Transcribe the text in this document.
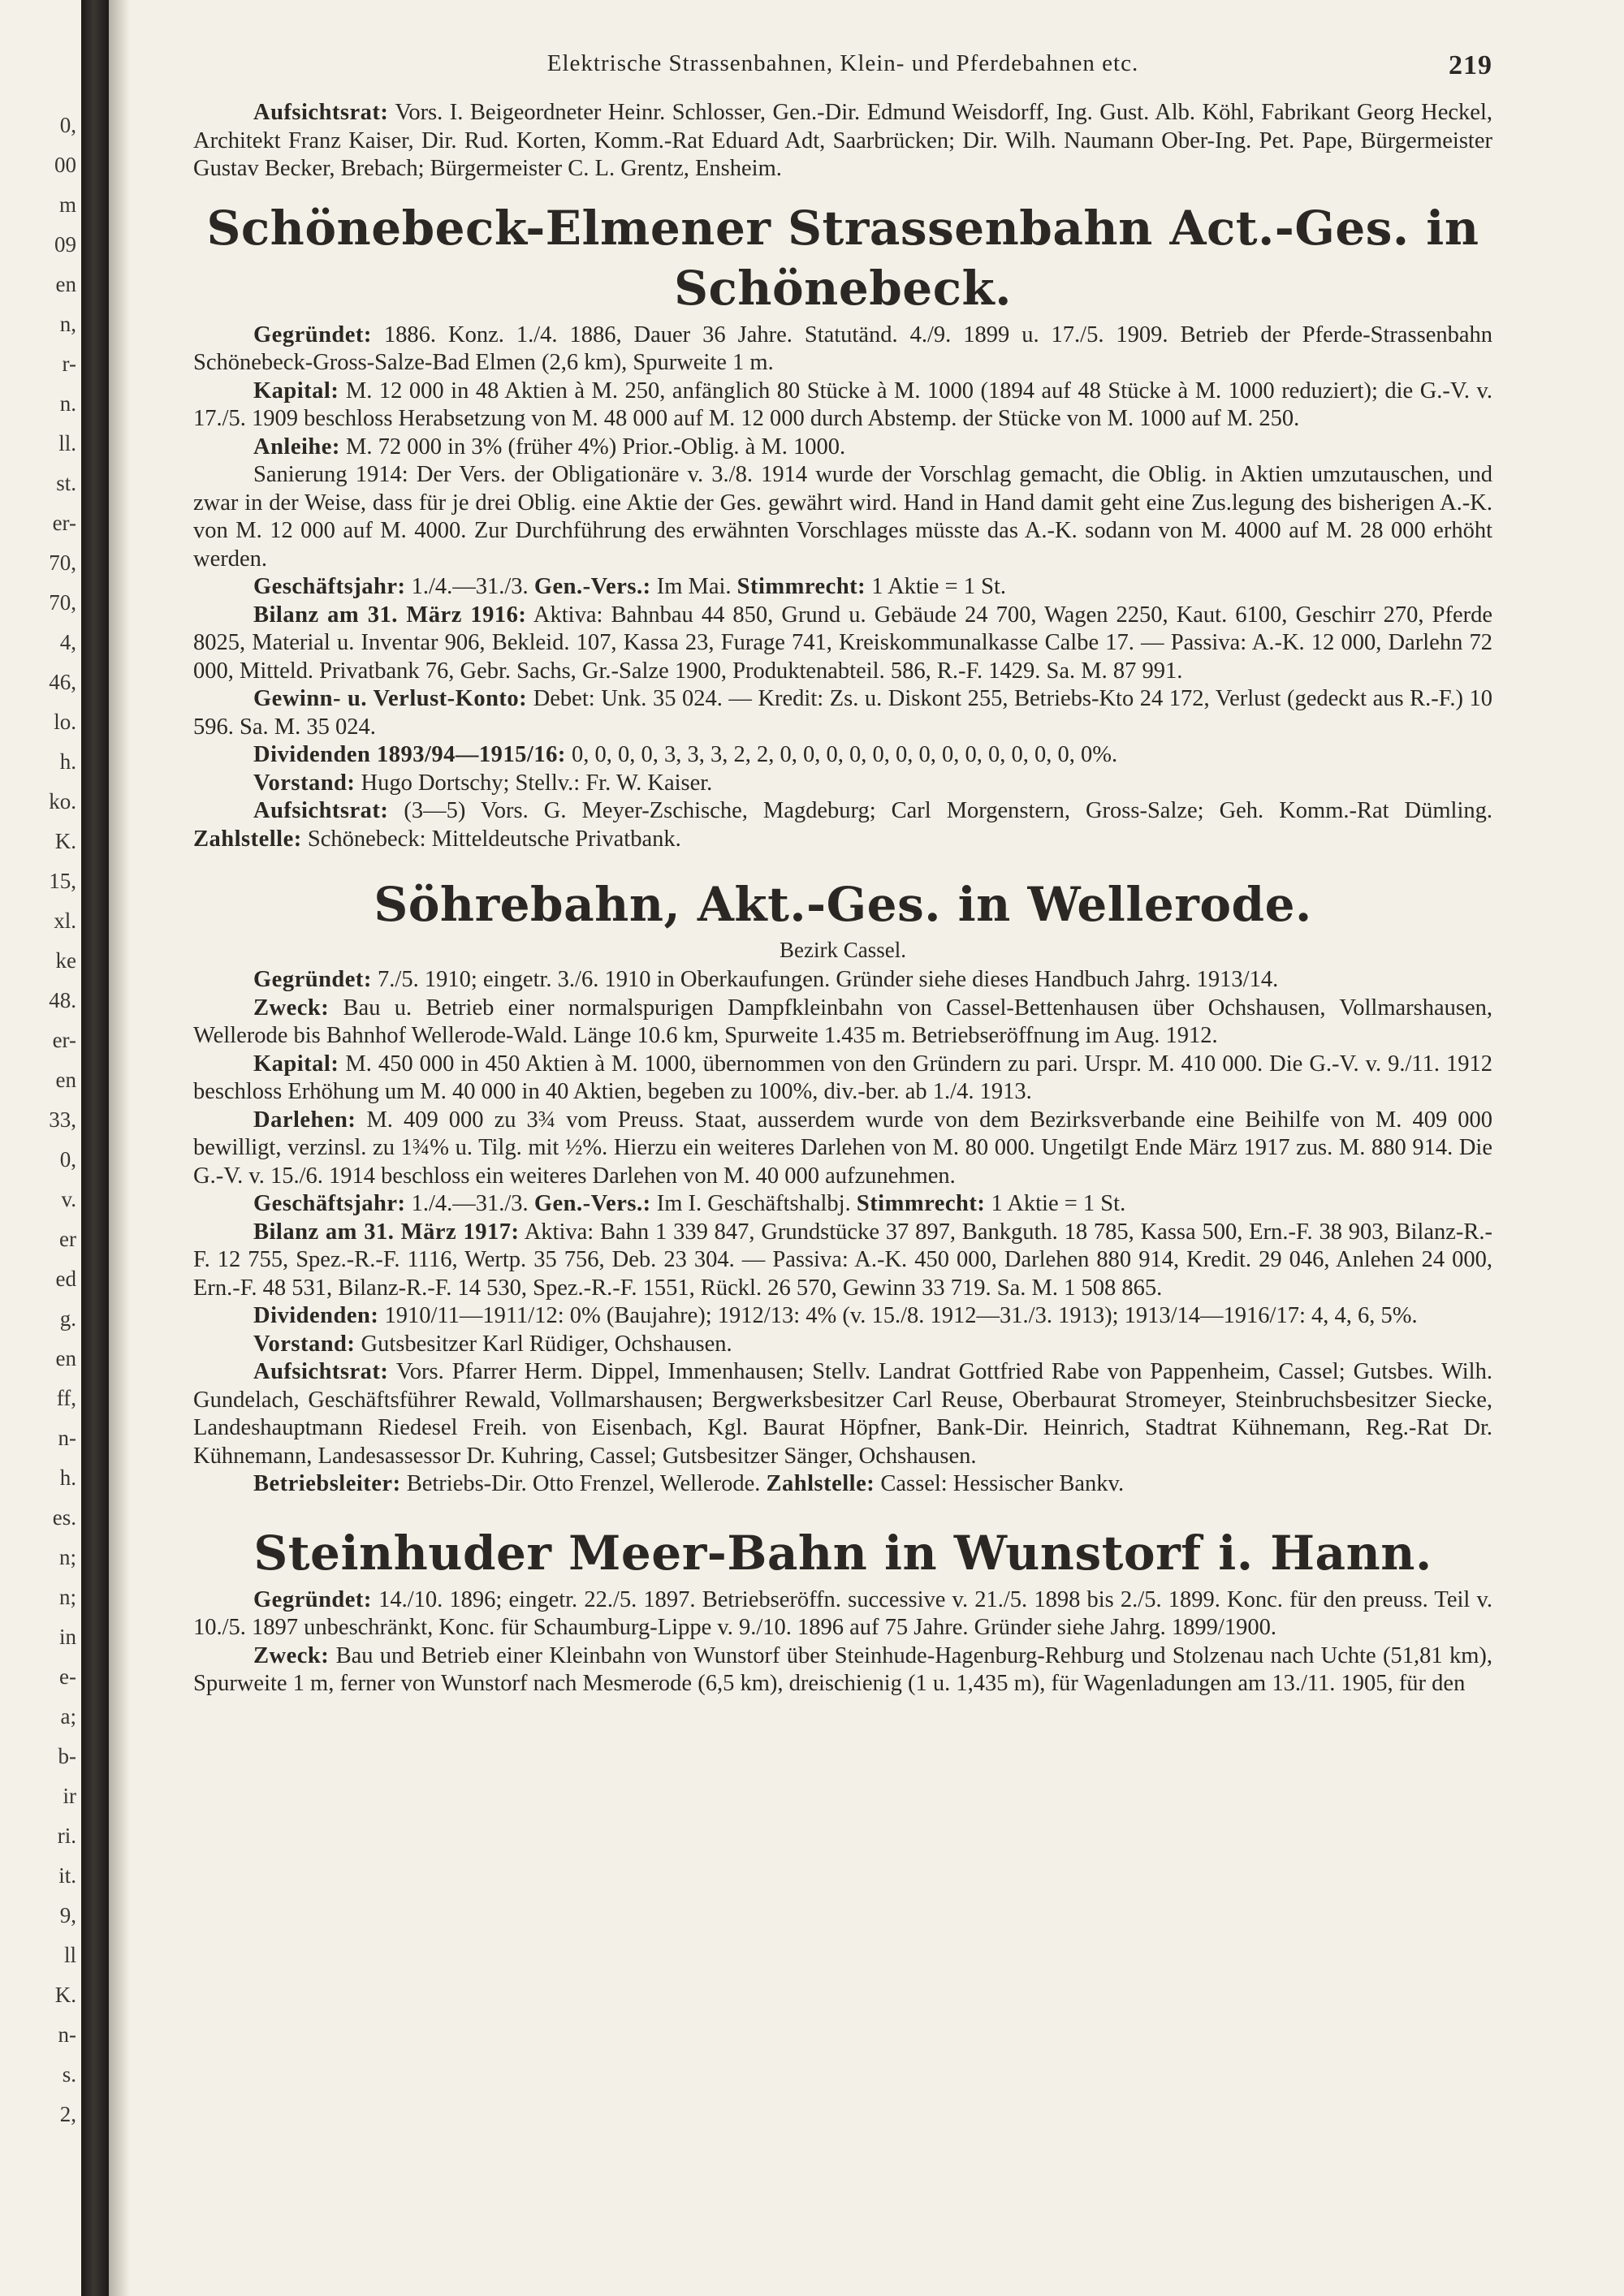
0,
00
m
09
en
n,
r-
n.
ll.
st.
er-
70,
70,
4,
46,
lo.
h.
ko.
K.
15,
xl.
ke
48.
er-
en
33,
0,
v.
er
ed
g.
en
ff,
n-
h.
es.
n;
n;
in
e-
a;
b-
ir
ri.
it.
9,
ll
K.
n-
s.
2,
Elektrische Strassenbahnen, Klein- und Pferdebahnen etc.	219

Aufsichtsrat: Vors. I. Beigeordneter Heinr. Schlosser, Gen.-Dir. Edmund Weisdorff, Ing. Gust. Alb. Köhl, Fabrikant Georg Heckel, Architekt Franz Kaiser, Dir. Rud. Korten, Komm.-Rat Eduard Adt, Saarbrücken; Dir. Wilh. Naumann Ober-Ing. Pet. Pape, Bürgermeister Gustav Becker, Brebach; Bürgermeister C. L. Grentz, Ensheim.

Schönebeck-Elmener Strassenbahn Act.-Ges. in Schönebeck.

Gegründet: 1886. Konz. 1./4. 1886, Dauer 36 Jahre. Statutänd. 4./9. 1899 u. 17./5. 1909. Betrieb der Pferde-Strassenbahn Schönebeck-Gross-Salze-Bad Elmen (2,6 km), Spurweite 1 m.

Kapital: M. 12 000 in 48 Aktien à M. 250, anfänglich 80 Stücke à M. 1000 (1894 auf 48 Stücke à M. 1000 reduziert); die G.-V. v. 17./5. 1909 beschloss Herabsetzung von M. 48 000 auf M. 12 000 durch Abstemp. der Stücke von M. 1000 auf M. 250.

Anleihe: M. 72 000 in 3% (früher 4%) Prior.-Oblig. à M. 1000.

Sanierung 1914: Der Vers. der Obligationäre v. 3./8. 1914 wurde der Vorschlag gemacht, die Oblig. in Aktien umzutauschen, und zwar in der Weise, dass für je drei Oblig. eine Aktie der Ges. gewährt wird. Hand in Hand damit geht eine Zus.legung des bisherigen A.-K. von M. 12 000 auf M. 4000. Zur Durchführung des erwähnten Vorschlages müsste das A.-K. sodann von M. 4000 auf M. 28 000 erhöht werden.

Geschäftsjahr: 1./4.—31./3. Gen.-Vers.: Im Mai. Stimmrecht: 1 Aktie = 1 St.

Bilanz am 31. März 1916: Aktiva: Bahnbau 44 850, Grund u. Gebäude 24 700, Wagen 2250, Kaut. 6100, Geschirr 270, Pferde 8025, Material u. Inventar 906, Bekleid. 107, Kassa 23, Furage 741, Kreiskommunalkasse Calbe 17. — Passiva: A.-K. 12 000, Darlehn 72 000, Mitteld. Privatbank 76, Gebr. Sachs, Gr.-Salze 1900, Produktenabteil. 586, R.-F. 1429. Sa. M. 87 991.

Gewinn- u. Verlust-Konto: Debet: Unk. 35 024. — Kredit: Zs. u. Diskont 255, Betriebs-Kto 24 172, Verlust (gedeckt aus R.-F.) 10 596. Sa. M. 35 024.

Dividenden 1893/94—1915/16: 0, 0, 0, 0, 3, 3, 3, 2, 2, 0, 0, 0, 0, 0, 0, 0, 0, 0, 0, 0, 0, 0, 0%.

Vorstand: Hugo Dortschy; Stellv.: Fr. W. Kaiser.

Aufsichtsrat: (3—5) Vors. G. Meyer-Zschische, Magdeburg; Carl Morgenstern, Gross-Salze; Geh. Komm.-Rat Dümling. Zahlstelle: Schönebeck: Mitteldeutsche Privatbank.

Söhrebahn, Akt.-Ges. in Wellerode.
Bezirk Cassel.

Gegründet: 7./5. 1910; eingetr. 3./6. 1910 in Oberkaufungen. Gründer siehe dieses Handbuch Jahrg. 1913/14.

Zweck: Bau u. Betrieb einer normalspurigen Dampfkleinbahn von Cassel-Bettenhausen über Ochshausen, Vollmarshausen, Wellerode bis Bahnhof Wellerode-Wald. Länge 10.6 km, Spurweite 1.435 m. Betriebseröffnung im Aug. 1912.

Kapital: M. 450 000 in 450 Aktien à M. 1000, übernommen von den Gründern zu pari. Urspr. M. 410 000. Die G.-V. v. 9./11. 1912 beschloss Erhöhung um M. 40 000 in 40 Aktien, begeben zu 100%, div.-ber. ab 1./4. 1913.

Darlehen: M. 409 000 zu 3¾ vom Preuss. Staat, ausserdem wurde von dem Bezirksverbande eine Beihilfe von M. 409 000 bewilligt, verzinsl. zu 1¾% u. Tilg. mit ½%. Hierzu ein weiteres Darlehen von M. 80 000. Ungetilgt Ende März 1917 zus. M. 880 914. Die G.-V. v. 15./6. 1914 beschloss ein weiteres Darlehen von M. 40 000 aufzunehmen.

Geschäftsjahr: 1./4.—31./3. Gen.-Vers.: Im I. Geschäftshalbj. Stimmrecht: 1 Aktie = 1 St.

Bilanz am 31. März 1917: Aktiva: Bahn 1 339 847, Grundstücke 37 897, Bankguth. 18 785, Kassa 500, Ern.-F. 38 903, Bilanz-R.-F. 12 755, Spez.-R.-F. 1116, Wertp. 35 756, Deb. 23 304. — Passiva: A.-K. 450 000, Darlehen 880 914, Kredit. 29 046, Anlehen 24 000, Ern.-F. 48 531, Bilanz-R.-F. 14 530, Spez.-R.-F. 1551, Rückl. 26 570, Gewinn 33 719. Sa. M. 1 508 865.

Dividenden: 1910/11—1911/12: 0% (Baujahre); 1912/13: 4% (v. 15./8. 1912—31./3. 1913); 1913/14—1916/17: 4, 4, 6, 5%.

Vorstand: Gutsbesitzer Karl Rüdiger, Ochshausen.

Aufsichtsrat: Vors. Pfarrer Herm. Dippel, Immenhausen; Stellv. Landrat Gottfried Rabe von Pappenheim, Cassel; Gutsbes. Wilh. Gundelach, Geschäftsführer Rewald, Vollmarshausen; Bergwerksbesitzer Carl Reuse, Oberbaurat Stromeyer, Steinbruchsbesitzer Siecke, Landeshauptmann Riedesel Freih. von Eisenbach, Kgl. Baurat Höpfner, Bank-Dir. Heinrich, Stadtrat Kühnemann, Reg.-Rat Dr. Kühnemann, Landesassessor Dr. Kuhring, Cassel; Gutsbesitzer Sänger, Ochshausen.

Betriebsleiter: Betriebs-Dir. Otto Frenzel, Wellerode. Zahlstelle: Cassel: Hessischer Bankv.

Steinhuder Meer-Bahn in Wunstorf i. Hann.

Gegründet: 14./10. 1896; eingetr. 22./5. 1897. Betriebseröffn. successive v. 21./5. 1898 bis 2./5. 1899. Konc. für den preuss. Teil v. 10./5. 1897 unbeschränkt, Konc. für Schaumburg-Lippe v. 9./10. 1896 auf 75 Jahre. Gründer siehe Jahrg. 1899/1900.

Zweck: Bau und Betrieb einer Kleinbahn von Wunstorf über Steinhude-Hagenburg-Rehburg und Stolzenau nach Uchte (51,81 km), Spurweite 1 m, ferner von Wunstorf nach Mesmerode (6,5 km), dreischienig (1 u. 1,435 m), für Wagenladungen am 13./11. 1905, für den
